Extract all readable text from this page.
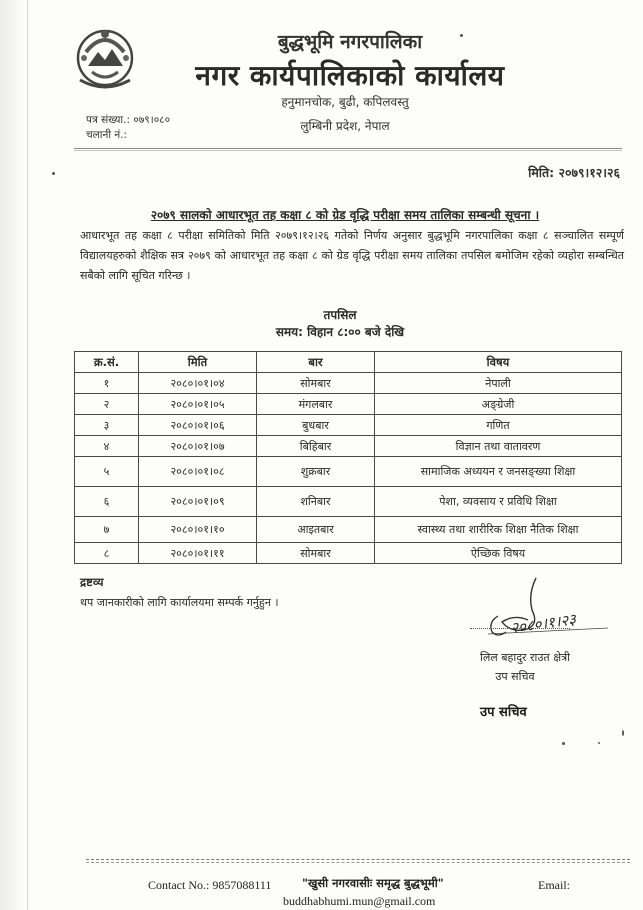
बुद्धभूमि नगरपालिका
नगर कार्यपालिकाको कार्यालय
हनुमानचोक, बुढी, कपिलवस्तु
लुम्बिनी प्रदेश, नेपाल
पत्र संख्या.: ०७९।०८०
चलानी नं.:
मिति: २०७९।१२।२६
२०७९ सालको आधारभूत तह कक्षा ८ को ग्रेड वृद्धि परीक्षा समय तालिका सम्बन्धी सूचना ।
आधारभूत तह कक्षा ८ परीक्षा समितिको मिति २०७९।१२।२६ गतेको निर्णय अनुसार बुद्धभूमि नगरपालिका कक्षा ८ सञ्चालित सम्पूर्ण विद्यालयहरुको शैक्षिक सत्र २०७९ को आधारभूत तह कक्षा ८ को ग्रेड वृद्धि परीक्षा समय तालिका तपसिल बमोजिम रहेको व्यहोरा सम्बन्धित सबैको लागि सूचित गरिन्छ ।
तपसिल
समय: विहान ८:०० बजे देखि
क्र.सं.	मिति	बार	विषय
१	२०८०।०१।०४	सोमबार	नेपाली
२	२०८०।०१।०५	मंगलबार	अङ्ग्रेजी
३	२०८०।०१।०६	बुधबार	गणित
४	२०८०।०१।०७	बिहिबार	विज्ञान तथा वातावरण
५	२०८०।०१।०८	शुक्रबार	सामाजिक अध्ययन र जनसङ्ख्या शिक्षा
६	२०८०।०१।०९	शनिबार	पेशा, व्यवसाय र प्रविधि शिक्षा
७	२०८०।०१।१०	आइतबार	स्वास्थ्य तथा शारीरिक शिक्षा नैतिक शिक्षा
८	२०८०।०१।११	सोमबार	ऐच्छिक विषय
द्रष्टव्य
थप जानकारीको लागि कार्यालयमा सम्पर्क गर्नुहुन ।
२०८०।१।२३
लिल बहादुर राउत क्षेत्री
उप सचिव
उप सचिव
Contact No.: 9857088111	"खुसी नगरवासीः समृद्ध बुद्धभूमी"	Email:
buddhabhumi.mun@gmail.com
